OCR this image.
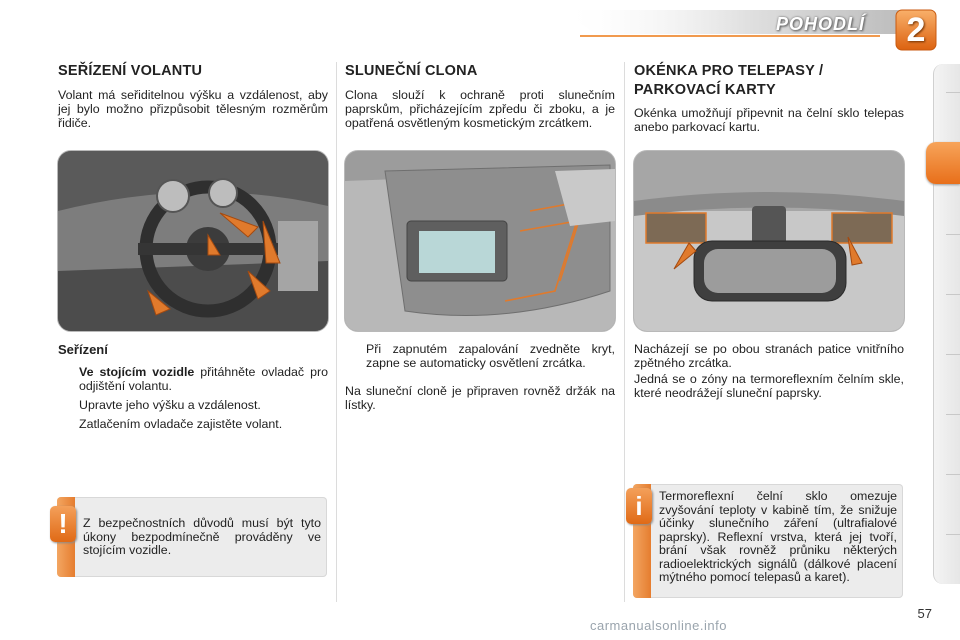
POHODLÍ	2
SEŘÍZENÍ VOLANTU
Volant má seřiditelnou výšku a vzdálenost, aby jej bylo možno přizpůsobit tělesným rozměrům řidiče.
Seřízení
Ve stojícím vozidle přitáhněte ovladač pro odjištění volantu.
Upravte jeho výšku a vzdálenost.
Zatlačením ovladače zajistěte volant.
Z bezpečnostních důvodů musí být tyto úkony bezpodmínečně prováděny ve stojícím vozidle.
!
SLUNEČNÍ CLONA
Clona slouží k ochraně proti slunečním paprskům, přicházejícím zpředu či zboku, a je opatřená osvětleným kosmetickým zrcátkem.
Při zapnutém zapalování zvedněte kryt, zapne se automaticky osvětlení zrcátka.
Na sluneční cloně je připraven rovněž držák na lístky.
OKÉNKA PRO TELEPASY / PARKOVACÍ KARTY
Okénka umožňují připevnit na čelní sklo telepas anebo parkovací kartu.
Nacházejí se po obou stranách patice vnitřního zpětného zrcátka.
Jedná se o zóny na termoreflexním čelním skle, které neodrážejí sluneční paprsky.
Termoreflexní čelní sklo omezuje zvyšování teploty v kabině tím, že snižuje účinky slunečního záření (ultrafialové paprsky). Reflexní vrstva, která jej tvoří, brání však rovněž průniku některých radioelektrických signálů (dálkové placení mýtného pomocí telepasů a karet).
i
57
carmanualsonline.info
